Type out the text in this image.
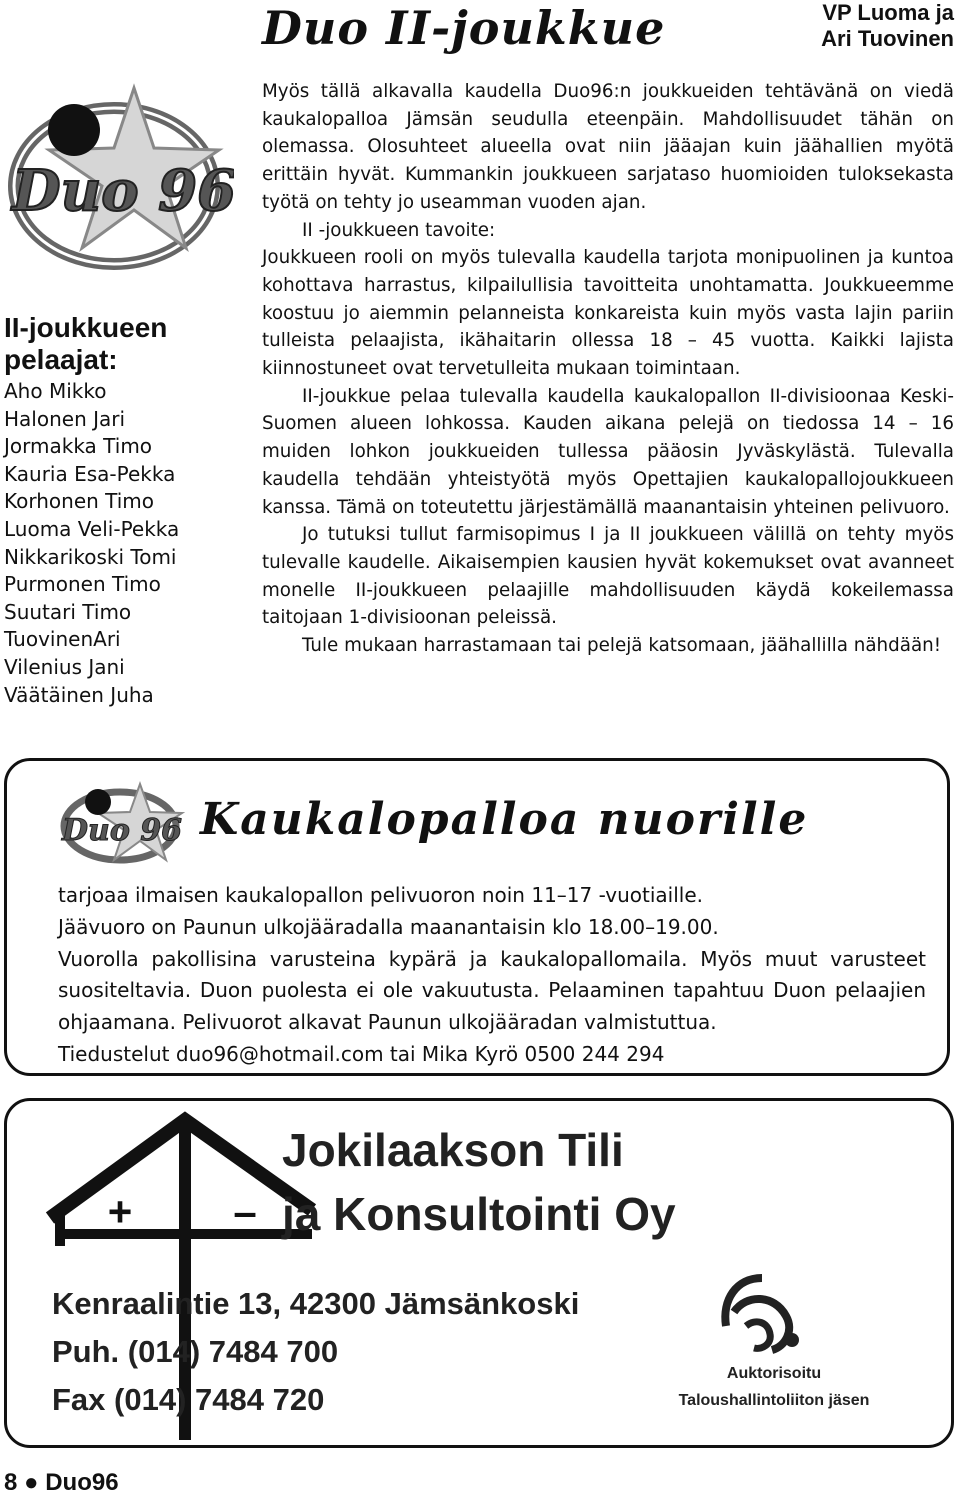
Duo II-joukkue	VP Luoma ja
Ari Tuovinen
Duo 96
II-joukkueen
pelaajat:
Aho Mikko
Halonen Jari
Jormakka Timo
Kauria Esa-Pekka
Korhonen Timo
Luoma Veli-Pekka
Nikkarikoski Tomi
Purmonen Timo
Suutari Timo
TuovinenAri
Vilenius Jani
Väätäinen Juha

Myös tällä alkavalla kaudella Duo96:n joukkueiden tehtävänä on viedä kaukalopalloa Jämsän seudulla eteenpäin. Mahdollisuudet tähän on olemassa. Olosuhteet alueella ovat niin jääajan kuin jäähallien myötä erittäin hyvät. Kummankin joukkueen sarjataso huomioiden tuloksekasta työtä on tehty jo useamman vuoden ajan.

II -joukkueen tavoite:

Joukkueen rooli on myös tulevalla kaudella tarjota monipuolinen ja kuntoa kohottava harrastus, kilpailullisia tavoitteita unohtamatta. Joukkueemme koostuu jo aiemmin pelanneista konkareista kuin myös vasta lajin pariin tulleista pelaajista, ikähaitarin ollessa 18 – 45 vuotta. Kaikki lajista kiinnostuneet ovat tervetulleita mukaan toimintaan.

II-joukkue pelaa tulevalla kaudella kaukalopallon II-divisioonaa Keski-Suomen alueen lohkossa. Kauden aikana pelejä on tiedossa 14 – 16 muiden lohkon joukkueiden tullessa pääosin Jyväskylästä. Tulevalla kaudella tehdään yhteistyötä myös Opettajien kaukalopallojoukkueen kanssa. Tämä on toteutettu järjestämällä maanantaisin yhteinen pelivuoro.

Jo tutuksi tullut farmisopimus I ja II joukkueen välillä on tehty myös tulevalle kaudelle. Aikaisempien kausien hyvät kokemukset ovat avanneet monelle II-joukkueen pelaajille mahdollisuuden käydä kokeilemassa taitojaan 1-divisioonan peleissä.

Tule mukaan harrastamaan tai pelejä katsomaan, jäähallilla nähdään!

Duo 96 Kaukalopalloa nuorille

tarjoaa ilmaisen kaukalopallon pelivuoron noin 11–17 -vuotiaille.

Jäävuoro on Paunun ulkojääradalla maanantaisin klo 18.00–19.00.

Vuorolla pakollisina varusteina kypärä ja kaukalopallomaila. Myös muut varusteet suositeltavia. Duon puolesta ei ole vakuutusta. Pelaaminen tapahtuu Duon pelaajien ohjaamana. Pelivuorot alkavat Paunun ulkojääradan valmistuttua.

Tiedustelut duo96@hotmail.com tai Mika Kyrö 0500 244 294

+ –
Jokilaakson Tili
ja Konsultointi Oy
Kenraalintie 13, 42300 Jämsänkoski
Puh. (014) 7484 700
Fax (014) 7484 720
Auktorisoitu
Taloushallintoliiton jäsen
8 ● Duo96
